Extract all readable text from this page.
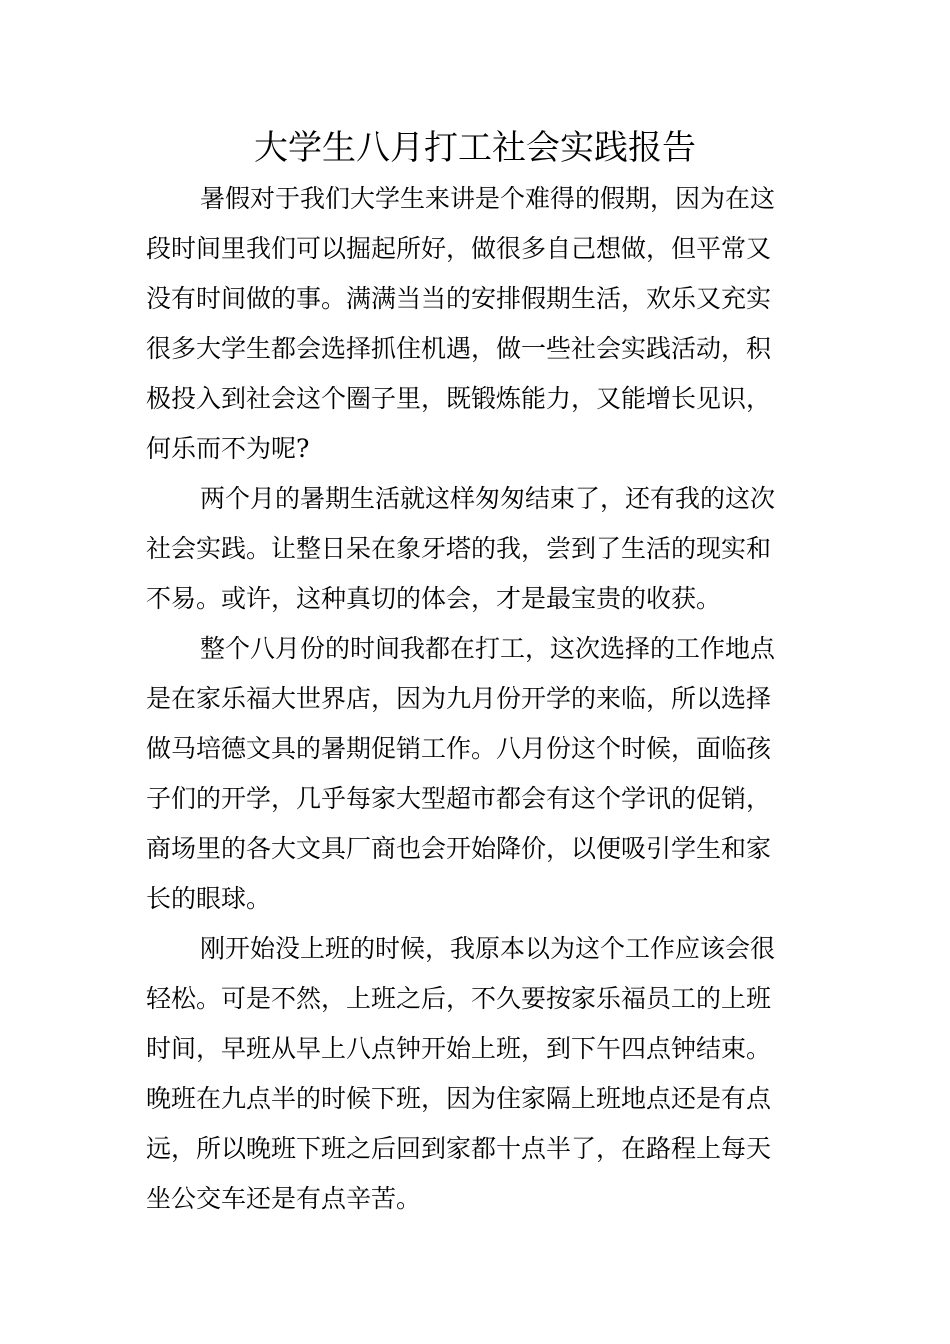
大学生八月打工社会实践报告
暑假对于我们大学生来讲是个难得的假期，因为在这
段时间里我们可以掘起所好，做很多自己想做，但平常又
没有时间做的事。满满当当的安排假期生活，欢乐又充实
很多大学生都会选择抓住机遇，做一些社会实践活动，积
极投入到社会这个圈子里，既锻炼能力，又能增长见识，
何乐而不为呢?
两个月的暑期生活就这样匆匆结束了，还有我的这次
社会实践。让整日呆在象牙塔的我，尝到了生活的现实和
不易。或许，这种真切的体会，才是最宝贵的收获。
整个八月份的时间我都在打工，这次选择的工作地点
是在家乐福大世界店，因为九月份开学的来临，所以选择
做马培德文具的暑期促销工作。八月份这个时候，面临孩
子们的开学，几乎每家大型超市都会有这个学讯的促销，
商场里的各大文具厂商也会开始降价，以便吸引学生和家
长的眼球。
刚开始没上班的时候，我原本以为这个工作应该会很
轻松。可是不然，上班之后，不久要按家乐福员工的上班
时间，早班从早上八点钟开始上班，到下午四点钟结束。
晚班在九点半的时候下班，因为住家隔上班地点还是有点
远，所以晚班下班之后回到家都十点半了，在路程上每天
坐公交车还是有点辛苦。
